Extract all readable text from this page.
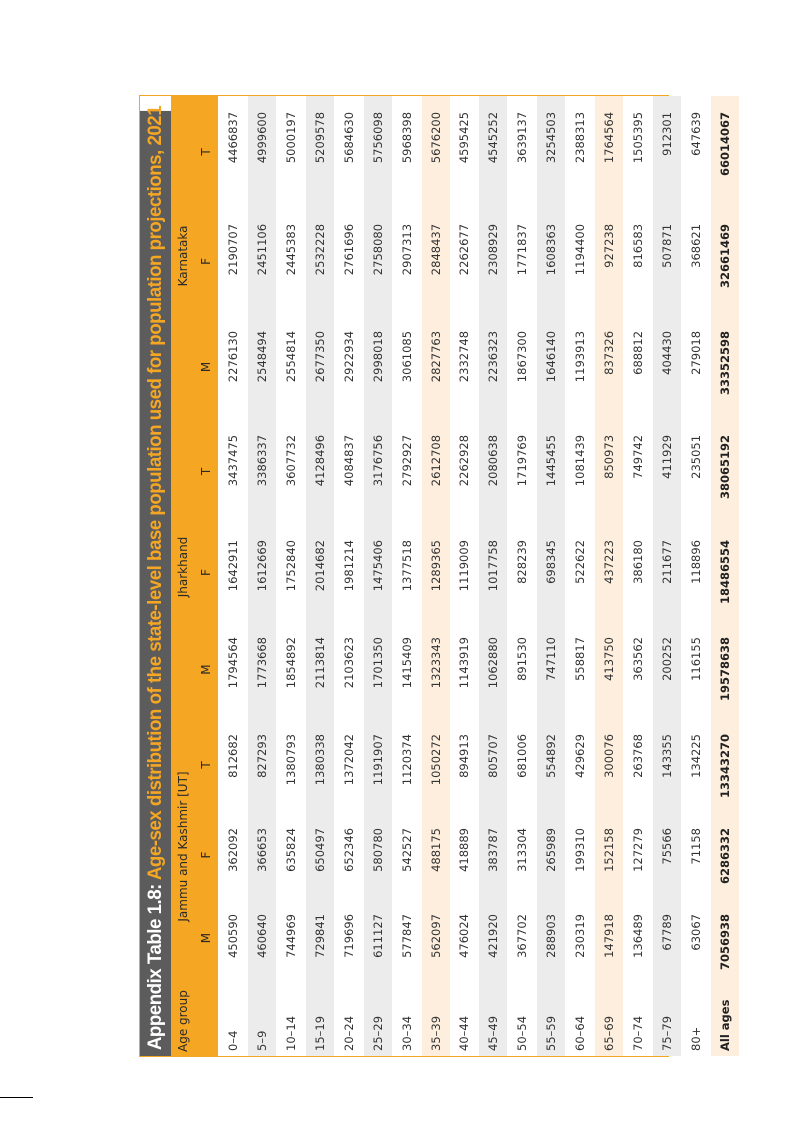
Appendix Table 1.8: Age-sex distribution of the state-level base population used for population projections, 2021
Age group	Jammu and Kashmir [UT]			Jharkhand			Karnataka		
	M	F	T	M	F	T	M	F	T
0–4	450590	362092	812682	1794564	1642911	3437475	2276130	2190707	4466837
5–9	460640	366653	827293	1773668	1612669	3386337	2548494	2451106	4999600
10–14	744969	635824	1380793	1854892	1752840	3607732	2554814	2445383	5000197
15–19	729841	650497	1380338	2113814	2014682	4128496	2677350	2532228	5209578
20–24	719696	652346	1372042	2103623	1981214	4084837	2922934	2761696	5684630
25–29	611127	580780	1191907	1701350	1475406	3176756	2998018	2758080	5756098
30–34	577847	542527	1120374	1415409	1377518	2792927	3061085	2907313	5968398
35–39	562097	488175	1050272	1323343	1289365	2612708	2827763	2848437	5676200
40–44	476024	418889	894913	1143919	1119009	2262928	2332748	2262677	4595425
45–49	421920	383787	805707	1062880	1017758	2080638	2236323	2308929	4545252
50–54	367702	313304	681006	891530	828239	1719769	1867300	1771837	3639137
55–59	288903	265989	554892	747110	698345	1445455	1646140	1608363	3254503
60–64	230319	199310	429629	558817	522622	1081439	1193913	1194400	2388313
65–69	147918	152158	300076	413750	437223	850973	837326	927238	1764564
70–74	136489	127279	263768	363562	386180	749742	688812	816583	1505395
75–79	67789	75566	143355	200252	211677	411929	404430	507871	912301
80+	63067	71158	134225	116155	118896	235051	279018	368621	647639
All ages	7056938	6286332	13343270	19578638	18486554	38065192	33352598	32661469	66014067
